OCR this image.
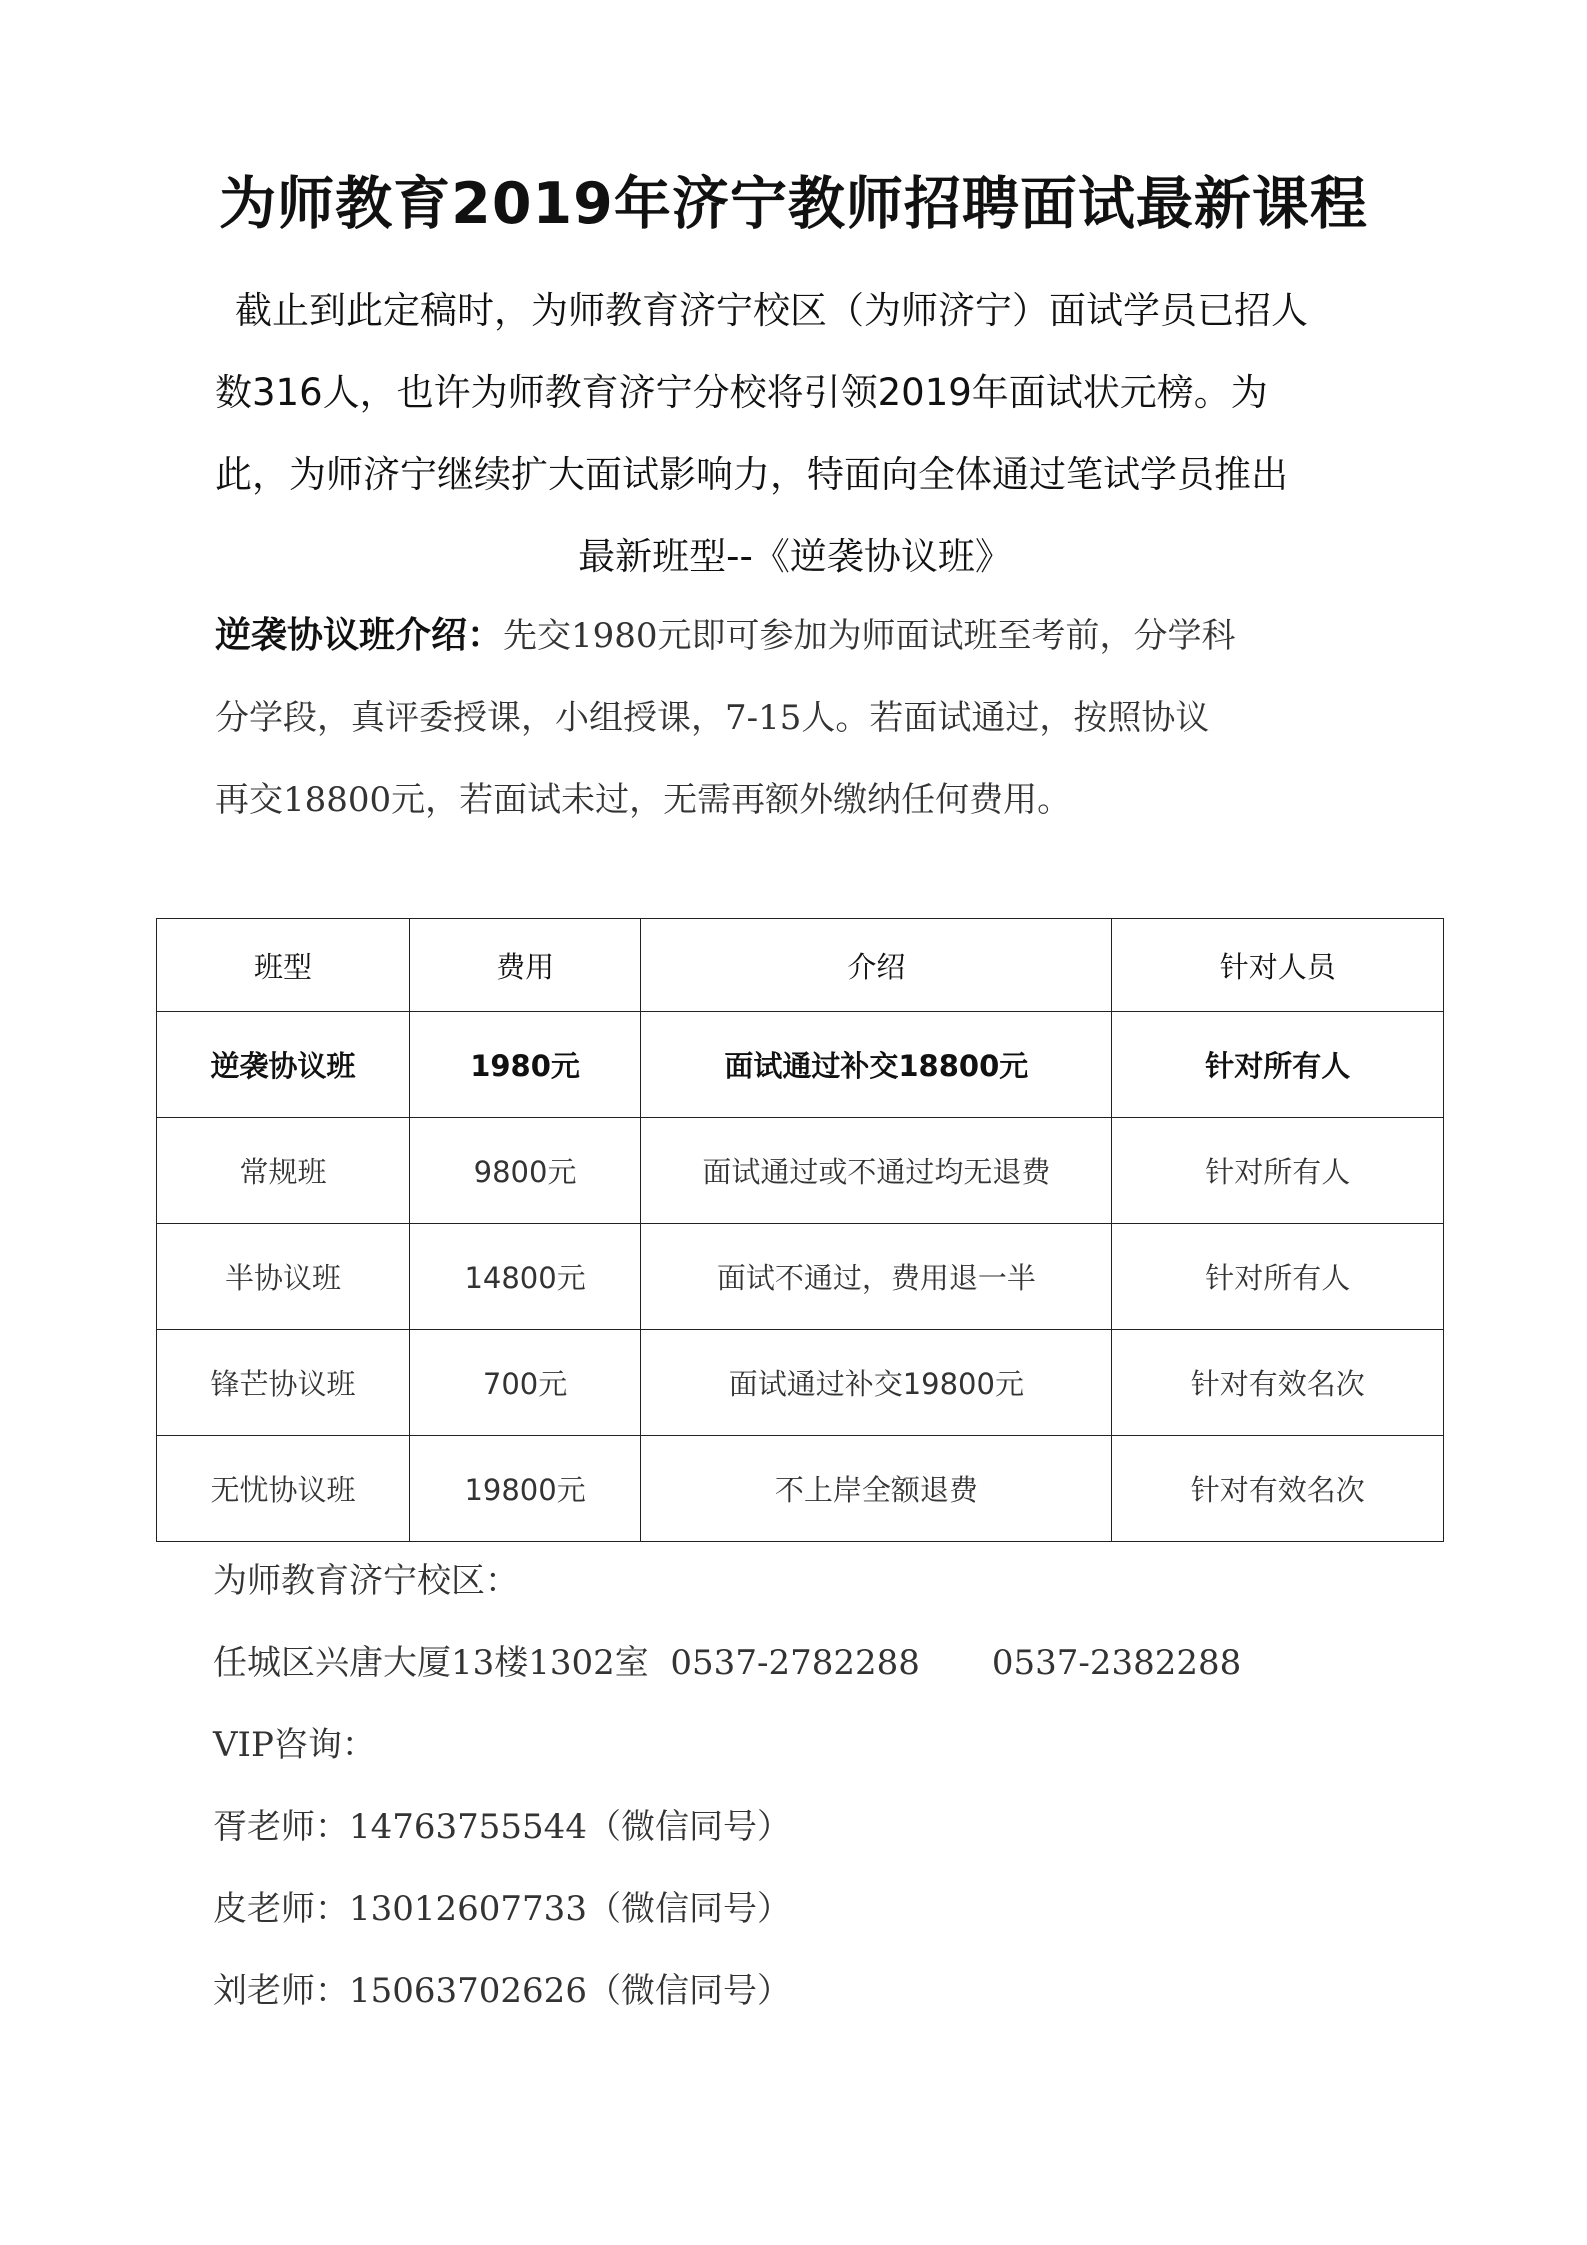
为师教育2019年济宁教师招聘面试最新课程
截止到此定稿时，为师教育济宁校区（为师济宁）面试学员已招人
数316人，也许为师教育济宁分校将引领2019年面试状元榜。为
此，为师济宁继续扩大面试影响力，特面向全体通过笔试学员推出
最新班型--《逆袭协议班》
逆袭协议班介绍：先交1980元即可参加为师面试班至考前，分学科
分学段，真评委授课，小组授课，7-15人。若面试通过，按照协议
再交18800元，若面试未过，无需再额外缴纳任何费用。
班型	费用	介绍	针对人员
逆袭协议班	1980元	面试通过补交18800元	针对所有人
常规班	9800元	面试通过或不通过均无退费	针对所有人
半协议班	14800元	面试不通过，费用退一半	针对所有人
锋芒协议班	700元	面试通过补交19800元	针对有效名次
无忧协议班	19800元	不上岸全额退费	针对有效名次
为师教育济宁校区：
任城区兴唐大厦13楼1302室 0537-2782288 0537-2382288
VIP咨询：
胥老师：14763755544（微信同号）
皮老师：13012607733（微信同号）
刘老师：15063702626（微信同号）
